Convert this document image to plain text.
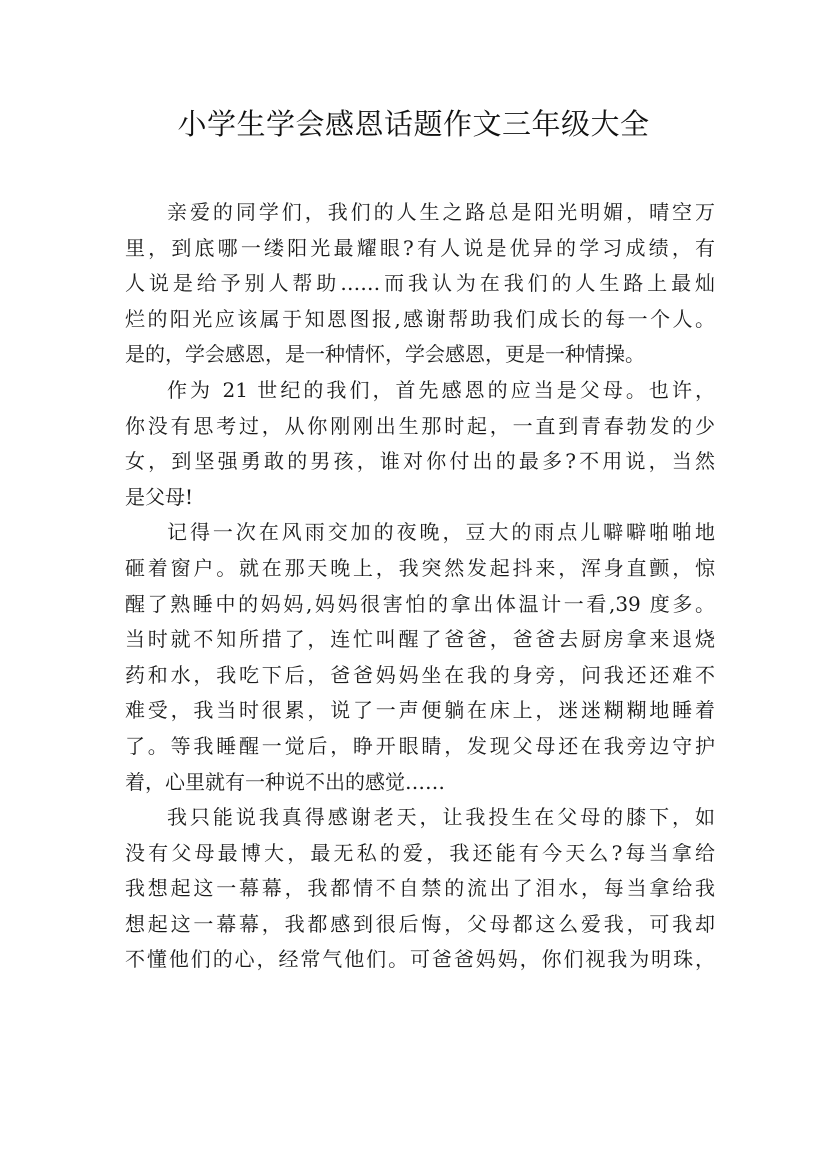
小学生学会感恩话题作文三年级大全
亲爱的同学们，我们的人生之路总是阳光明媚，晴空万
里，到底哪一缕阳光最耀眼?有人说是优异的学习成绩，有
人说是给予别人帮助……而我认为在我们的人生路上最灿
烂的阳光应该属于知恩图报,感谢帮助我们成长的每一个人。
是的，学会感恩，是一种情怀，学会感恩，更是一种情操。
作为 21 世纪的我们，首先感恩的应当是父母。也许，
你没有思考过，从你刚刚出生那时起，一直到青春勃发的少
女，到坚强勇敢的男孩，谁对你付出的最多?不用说，当然
是父母!
记得一次在风雨交加的夜晚，豆大的雨点儿噼噼啪啪地
砸着窗户。就在那天晚上，我突然发起抖来，浑身直颤，惊
醒了熟睡中的妈妈,妈妈很害怕的拿出体温计一看,39 度多。
当时就不知所措了，连忙叫醒了爸爸，爸爸去厨房拿来退烧
药和水，我吃下后，爸爸妈妈坐在我的身旁，问我还还难不
难受，我当时很累，说了一声便躺在床上，迷迷糊糊地睡着
了。等我睡醒一觉后，睁开眼睛，发现父母还在我旁边守护
着，心里就有一种说不出的感觉……
我只能说我真得感谢老天，让我投生在父母的膝下，如
没有父母最博大，最无私的爱，我还能有今天么?每当拿给
我想起这一幕幕，我都情不自禁的流出了泪水，每当拿给我
想起这一幕幕，我都感到很后悔，父母都这么爱我，可我却
不懂他们的心，经常气他们。可爸爸妈妈，你们视我为明珠，
